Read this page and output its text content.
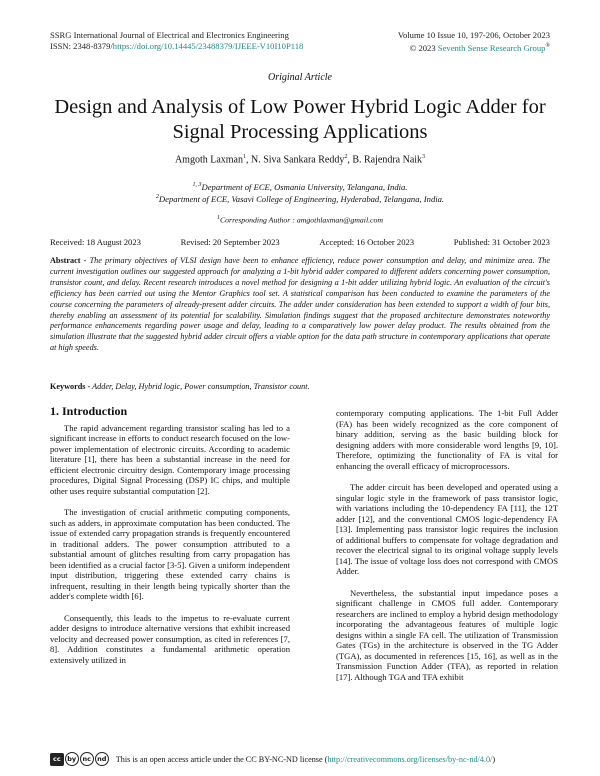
SSRG International Journal of Electrical and Electronics Engineering
ISSN: 2348-8379/https://doi.org/10.14445/23488379/IJEEE-V10I10P118
Volume 10 Issue 10, 197-206, October 2023
© 2023 Seventh Sense Research Group®
Original Article
Design and Analysis of Low Power Hybrid Logic Adder for Signal Processing Applications
Amgoth Laxman$^1$, N. Siva Sankara Reddy$^2$, B. Rajendra Naik$^3$
$^{1, 3}$Department of ECE, Osmania University, Telangana, India.
$^2$Department of ECE, Vasavi College of Engineering, Hyderabad, Telangana, India.
$^1$Corresponding Author : amgothlaxman@gmail.com
Received: 18 August 2023	Revised: 20 September 2023	Accepted: 16 October 2023	Published: 31 October 2023
Abstract - The primary objectives of VLSI design have been to enhance efficiency, reduce power consumption and delay, and minimize area. The current investigation outlines our suggested approach for analyzing a 1-bit hybrid adder compared to different adders concerning power consumption, transistor count, and delay. Recent research introduces a novel method for designing a 1-bit adder utilizing hybrid logic. An evaluation of the circuit's efficiency has been carried out using the Mentor Graphics tool set. A statistical comparison has been conducted to examine the parameters of the course concerning the parameters of already-present adder circuits. The adder under consideration has been extended to support a width of four bits, thereby enabling an assessment of its potential for scalability. Simulation findings suggest that the proposed architecture demonstrates noteworthy performance enhancements regarding power usage and delay, leading to a comparatively low power delay product. The results obtained from the simulation illustrate that the suggested hybrid adder circuit offers a viable option for the data path structure in contemporary applications that operate at high speeds.
Keywords - Adder, Delay, Hybrid logic, Power consumption, Transistor count.
1. Introduction

The rapid advancement regarding transistor scaling has led to a significant increase in efforts to conduct research focused on the low-power implementation of electronic circuits. According to academic literature [1], there has been a substantial increase in the need for efficient electronic circuitry design. Contemporary image processing procedures, Digital Signal Processing (DSP) IC chips, and multiple other uses require substantial computation [2].

The investigation of crucial arithmetic computing components, such as adders, in approximate computation has been conducted. The issue of extended carry propagation strands is frequently encountered in traditional adders. The power consumption attributed to a substantial amount of glitches resulting from carry propagation has been identified as a crucial factor [3-5]. Given a uniform independent input distribution, triggering these extended carry chains is infrequent, resulting in their length being typically shorter than the adder's complete width [6].

Consequently, this leads to the impetus to re-evaluate current adder designs to introduce alternative versions that exhibit increased velocity and decreased power consumption, as cited in references [7, 8]. Addition constitutes a fundamental arithmetic operation extensively utilized in

contemporary computing applications. The 1-bit Full Adder (FA) has been widely recognized as the core component of binary addition, serving as the basic building block for designing adders with more considerable word lengths [9, 10]. Therefore, optimizing the functionality of FA is vital for enhancing the overall efficacy of microprocessors.

The adder circuit has been developed and operated using a singular logic style in the framework of pass transistor logic, with variations including the 10-dependency FA [11], the 12T adder [12], and the conventional CMOS logic-dependency FA [13]. Implementing pass transistor logic requires the inclusion of additional buffers to compensate for voltage degradation and recover the electrical signal to its original voltage supply levels [14]. The issue of voltage loss does not correspond with CMOS Adder.

Nevertheless, the substantial input impedance poses a significant challenge in CMOS full adder. Contemporary researchers are inclined to employ a hybrid design methodology incorporating the advantageous features of multiple logic designs within a single FA cell. The utilization of Transmission Gates (TGs) in the architecture is observed in the TG Adder (TGA), as documented in references [15, 16], as well as in the Transmission Function Adder (TFA), as reported in relation [17]. Although TGA and TFA exhibit

cc	by nc nd This is an open access article under the CC BY-NC-ND license ( http://creativecommons.org/licenses/by-nc-nd/4.0/ )
